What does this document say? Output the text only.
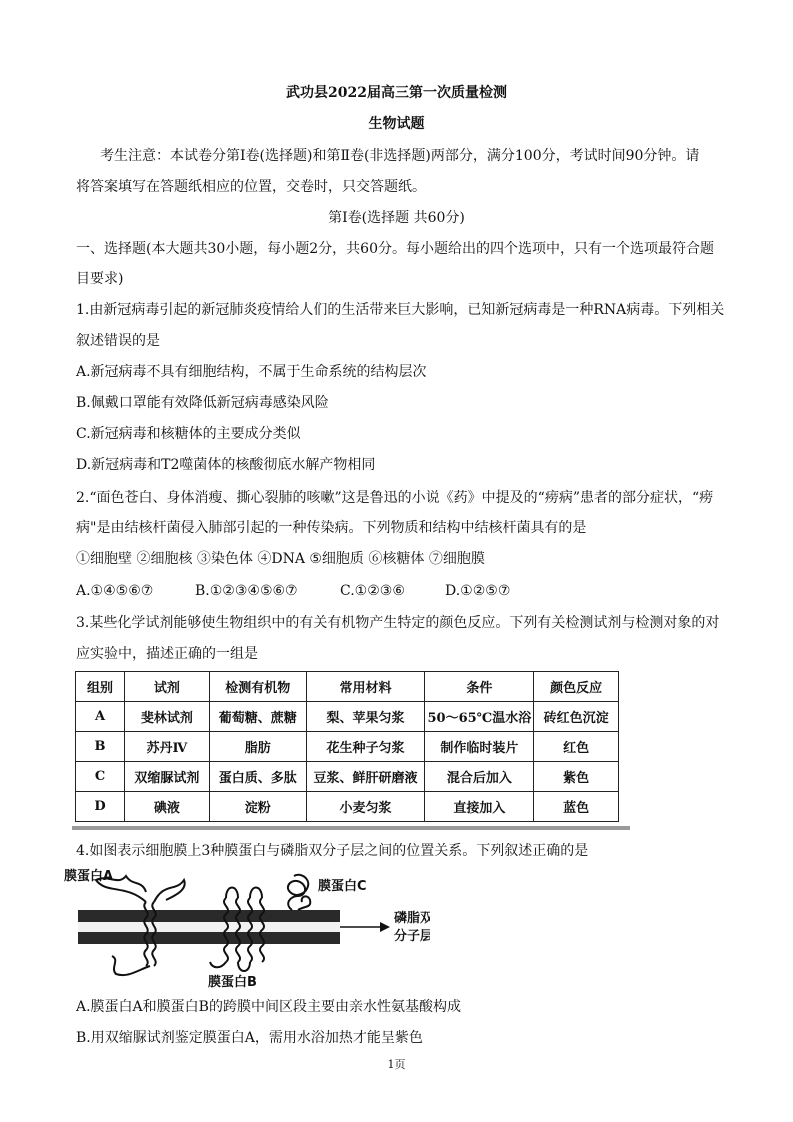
武功县2022届高三第一次质量检测
生物试题
考生注意：本试卷分第Ⅰ卷(选择题)和第Ⅱ卷(非选择题)两部分，满分100分，考试时间90分钟。请
将答案填写在答题纸相应的位置，交卷时，只交答题纸。
第Ⅰ卷(选择题 共60分)
一、选择题(本大题共30小题，每小题2分，共60分。每小题给出的四个选项中，只有一个选项最符合题
目要求)
1.由新冠病毒引起的新冠肺炎疫情给人们的生活带来巨大影响，已知新冠病毒是一种RNA病毒。下列相关
叙述错误的是
A.新冠病毒不具有细胞结构，不属于生命系统的结构层次
B.佩戴口罩能有效降低新冠病毒感染风险
C.新冠病毒和核糖体的主要成分类似
D.新冠病毒和T2噬菌体的核酸彻底水解产物相同
2.“面色苍白、身体消瘦、撕心裂肺的咳嗽”这是鲁迅的小说《药》中提及的“痨病”患者的部分症状，“痨
病"是由结核杆菌侵入肺部引起的一种传染病。下列物质和结构中结核杆菌具有的是
①细胞壁 ②细胞核 ③染色体 ④DNA ⑤细胞质 ⑥核糖体 ⑦细胞膜
A.①④⑤⑥⑦	B.①②③④⑤⑥⑦	C.①②③⑥	D.①②⑤⑦
3.某些化学试剂能够使生物组织中的有关有机物产生特定的颜色反应。下列有关检测试剂与检测对象的对
应实验中，描述正确的一组是
组别	试剂	检测有机物	常用材料	条件	颜色反应
A	斐林试剂	葡萄糖、蔗糖	梨、苹果匀浆	50～65℃温水浴	砖红色沉淀
B	苏丹Ⅳ	脂肪	花生种子匀浆	制作临时装片	红色
C	双缩脲试剂	蛋白质、多肽	豆浆、鲜肝研磨液	混合后加入	紫色
D	碘液	淀粉	小麦匀浆	直接加入	蓝色
4.如图表示细胞膜上3种膜蛋白与磷脂双分子层之间的位置关系。下列叙述正确的是
膜蛋白A
膜蛋白C
膜蛋白B
磷脂双
分子层
A.膜蛋白A和膜蛋白B的跨膜中间区段主要由亲水性氨基酸构成
B.用双缩脲试剂鉴定膜蛋白A，需用水浴加热才能呈紫色
1页
